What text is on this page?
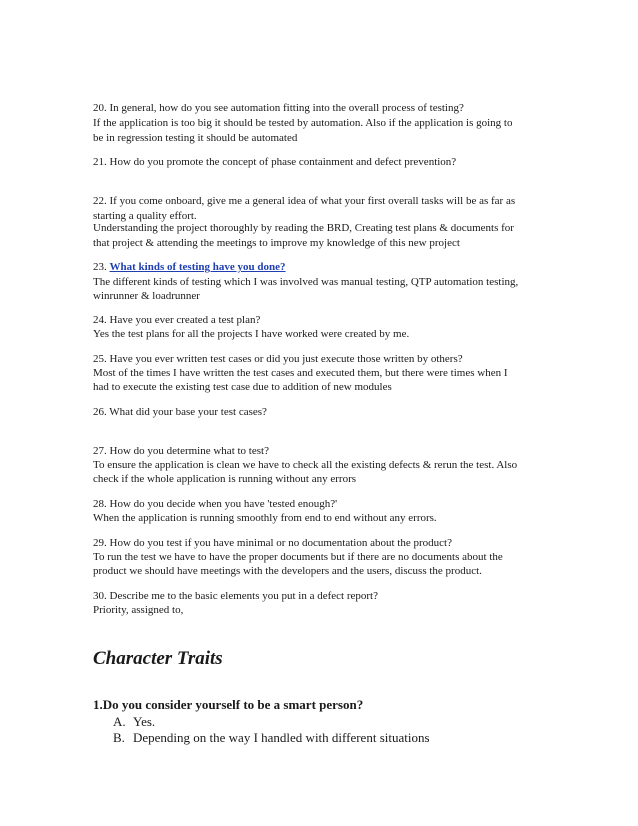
20. In general, how do you see automation fitting into the overall process of testing?
If the application is too big it should be tested by automation. Also if the application is going to
be in regression testing it should be automated
21. How do you promote the concept of phase containment and defect prevention?
22. If you come onboard, give me a general idea of what your first overall tasks will be as far as
starting a quality effort.
Understanding the project thoroughly by reading the BRD, Creating test plans & documents for
that project & attending the meetings to improve my knowledge of this new project
23. What kinds of testing have you done?
The different kinds of testing which I was involved was manual testing, QTP automation testing,
winrunner & loadrunner
24. Have you ever created a test plan?
Yes the test plans for all the projects I have worked were created by me.
25. Have you ever written test cases or did you just execute those written by others?
Most of the times I have written the test cases and executed them, but there were times when I
had to execute the existing test case due to addition of new modules
26. What did your base your test cases?
27. How do you determine what to test?
To ensure the application is clean we have to check all the existing defects & rerun the test. Also
check if the whole application is running without any errors
28. How do you decide when you have 'tested enough?'
When the application is running smoothly from end to end without any errors.
29. How do you test if you have minimal or no documentation about the product?
To run the test we have to have the proper documents but if there are no documents about the
product we should have meetings with the developers and the users, discuss the product.
30. Describe me to the basic elements you put in a defect report?
Priority, assigned to,
Character Traits
1.Do you consider yourself to be a smart person?
A. Yes.
B. Depending on the way I handled with different situations
